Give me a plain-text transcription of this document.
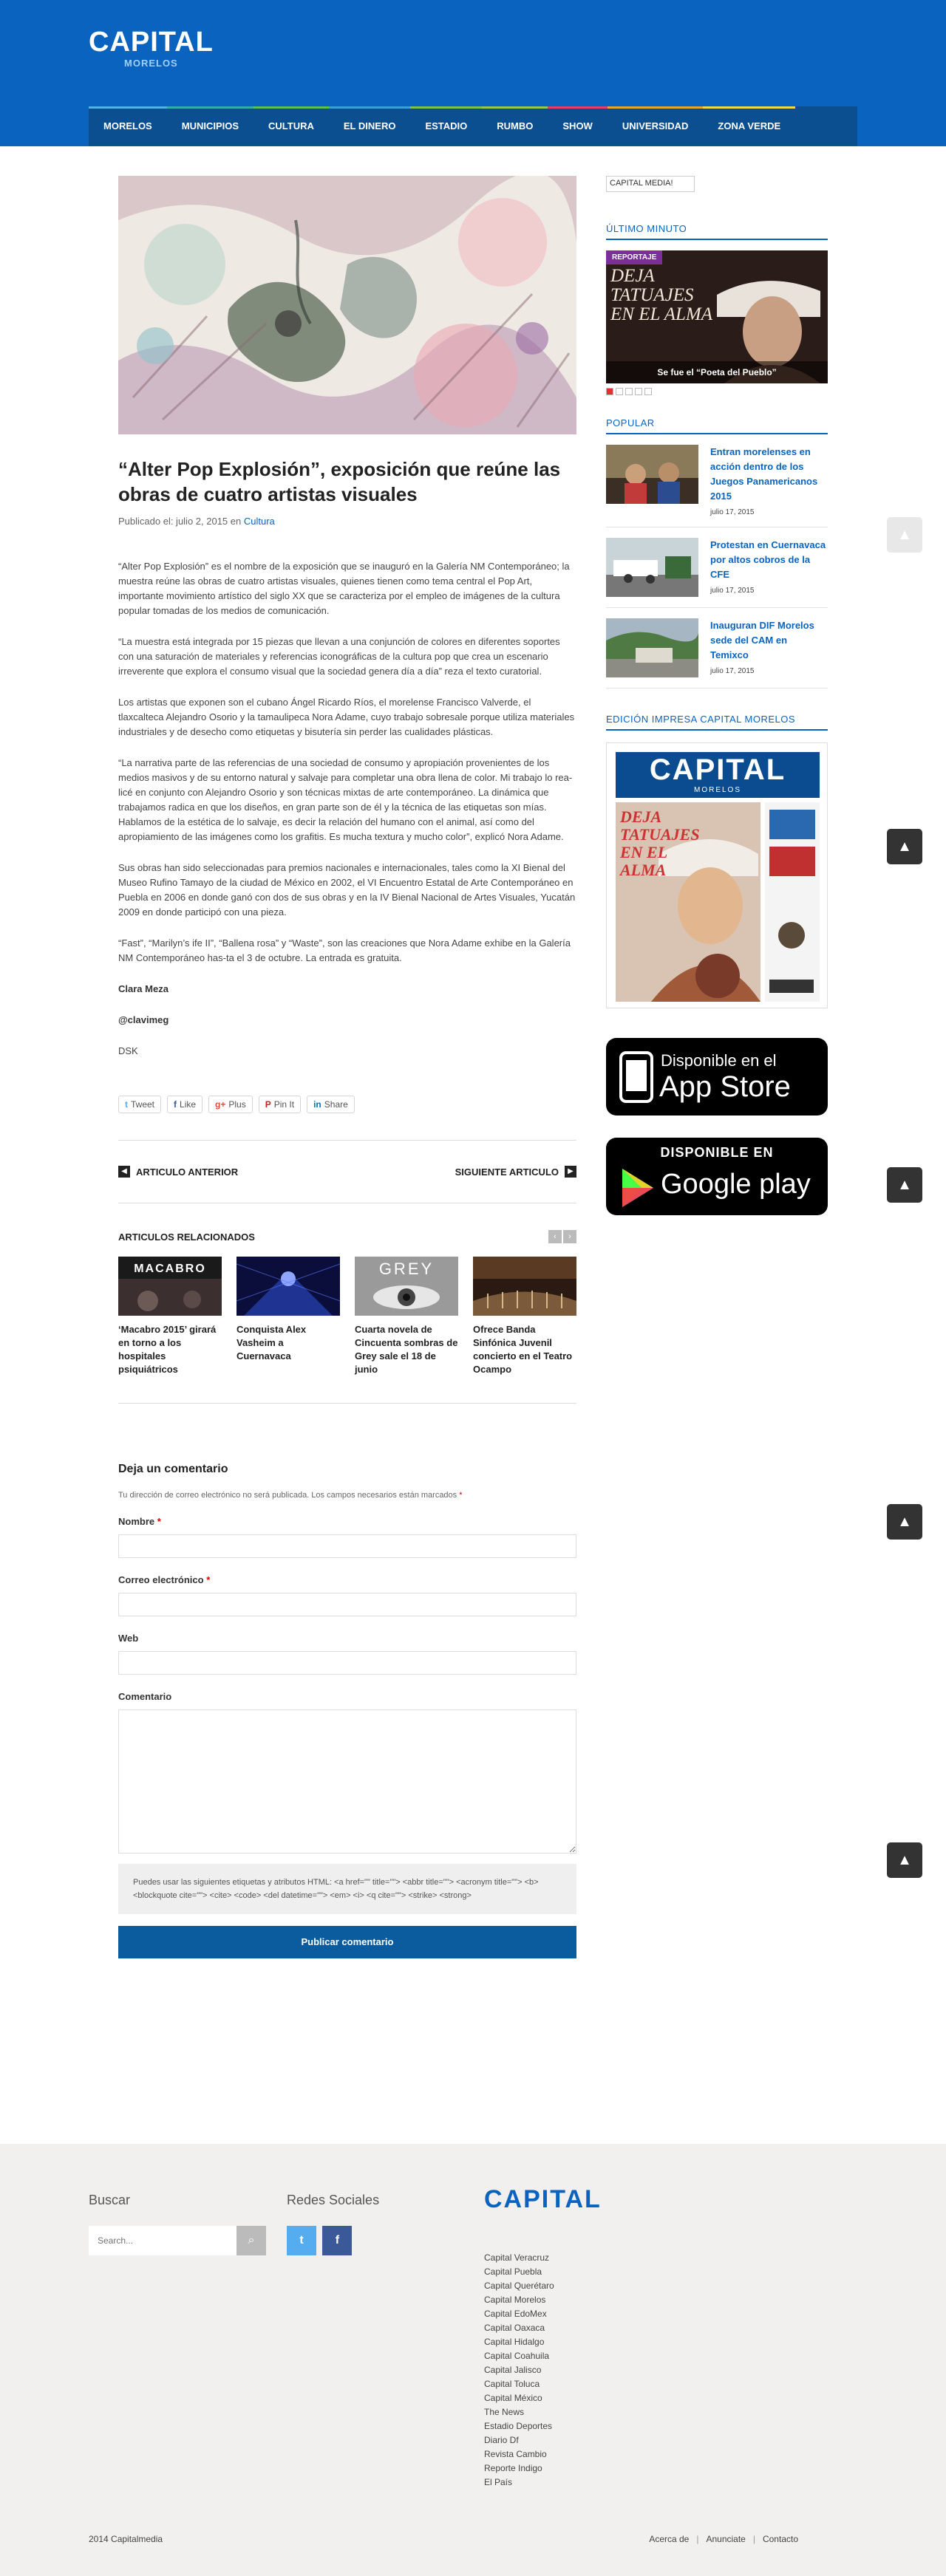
CAPITAL
MORELOS
MORELOS	MUNICIPIOS	CULTURA	EL DINERO	ESTADIO	RUMBO	SHOW	UNIVERSIDAD	ZONA VERDE
“Alter Pop Explosión”, exposición que reúne las obras de cuatro artistas visuales
Publicado el: julio 2, 2015 en Cultura

“Alter Pop Explosión” es el nombre de la exposición que se inauguró en la Galería NM Contemporáneo; la muestra reúne las obras de cuatro artistas visuales, quienes tienen como tema central el Pop Art, importante movimiento artístico del siglo XX que se caracteriza por el empleo de imágenes de la cultura popular tomadas de los medios de comunicación.

“La muestra está integrada por 15 piezas que llevan a una conjunción de colores en diferentes soportes con una saturación de materiales y referencias iconográficas de la cultura pop que crea un escenario irreverente que explora el consumo visual que la sociedad genera día a día” reza el texto curatorial.

Los artistas que exponen son el cubano Ángel Ricardo Ríos, el morelense Francisco Valverde, el tlaxcalteca Alejandro Osorio y la tamaulipeca Nora Adame, cuyo trabajo sobresale porque utiliza materiales industriales y de desecho como etiquetas y bisutería sin perder las cualidades plásticas.

“La narrativa parte de las referencias de una sociedad de consumo y apropiación provenientes de los medios masivos y de su entorno natural y salvaje para completar una obra llena de color. Mi trabajo lo rea-licé en conjunto con Alejandro Osorio y son técnicas mixtas de arte contemporáneo. La dinámica que trabajamos radica en que los diseños, en gran parte son de él y la técnica de las etiquetas son mías. Hablamos de la estética de lo salvaje, es decir la relación del humano con el animal, así como del apropiamiento de las imágenes como los grafitis. Es mucha textura y mucho color”, explicó Nora Adame.

Sus obras han sido seleccionadas para premios nacionales e internacionales, tales como la XI Bienal del Museo Rufino Tamayo de la ciudad de México en 2002, el VI Encuentro Estatal de Arte Contemporáneo en Puebla en 2006 en donde ganó con dos de sus obras y en la IV Bienal Nacional de Artes Visuales, Yucatán 2009 en donde participó con una pieza.

“Fast”, “Marilyn’s ife II”, “Ballena rosa” y “Waste”, son las creaciones que Nora Adame exhibe en la Galería NM Contemporáneo has-ta el 3 de octubre. La entrada es gratuita.

Clara Meza

@clavimeg

DSK

t Tweet f Like g+ Plus P Pin It in Share
◀ ARTICULO ANTERIOR	SIGUIENTE ARTICULO	▶
ARTICULOS RELACIONADOS	‹	›
MACABRO
‘Macabro 2015’ girará en torno a los hospitales psiquiátricos
Conquista Alex Vasheim a Cuernavaca
GREY
Cuarta novela de Cincuenta sombras de Grey sale el 18 de junio
Ofrece Banda Sinfónica Juvenil concierto en el Teatro Ocampo
Deja un comentario
Tu dirección de correo electrónico no será publicada. Los campos necesarios están marcados *
Nombre *
Correo electrónico *
Web
Comentario
Puedes usar las siguientes etiquetas y atributos HTML: <a href="" title=""> <abbr title=""> <acronym title=""> <b> <blockquote cite=""> <cite> <code> <del datetime=""> <em> <i> <q cite=""> <strike> <strong>
Publicar comentario
CAPITAL MEDIA!
ÚLTIMO MINUTO
REPORTAJE
DEJA TATUAJES EN EL ALMA
Se fue el “Poeta del Pueblo”
POPULAR
Entran morelenses en acción dentro de los Juegos Panamericanos 2015
julio 17, 2015
Protestan en Cuernavaca por altos cobros de la CFE
julio 17, 2015
Inauguran DIF Morelos sede del CAM en Temixco
julio 17, 2015
EDICIÓN IMPRESA CAPITAL MORELOS
CAPITAL
MORELOS
DEJA TATUAJES EN EL ALMA
Disponible en el
App Store
DISPONIBLE EN
Google play
▲
▲
▲
▲
▲
Buscar
Search...
⌕
Redes Sociales
t	f
CAPITAL
Capital Veracruz
Capital Puebla
Capital Querétaro
Capital Morelos
Capital EdoMex
Capital Oaxaca
Capital Hidalgo
Capital Coahuila
Capital Jalisco
Capital Toluca
Capital México
The News
Estadio Deportes
Diario Df
Revista Cambio
Reporte Indigo
El País
2014 Capitalmedia	Acerca de | Anunciate | Contacto
